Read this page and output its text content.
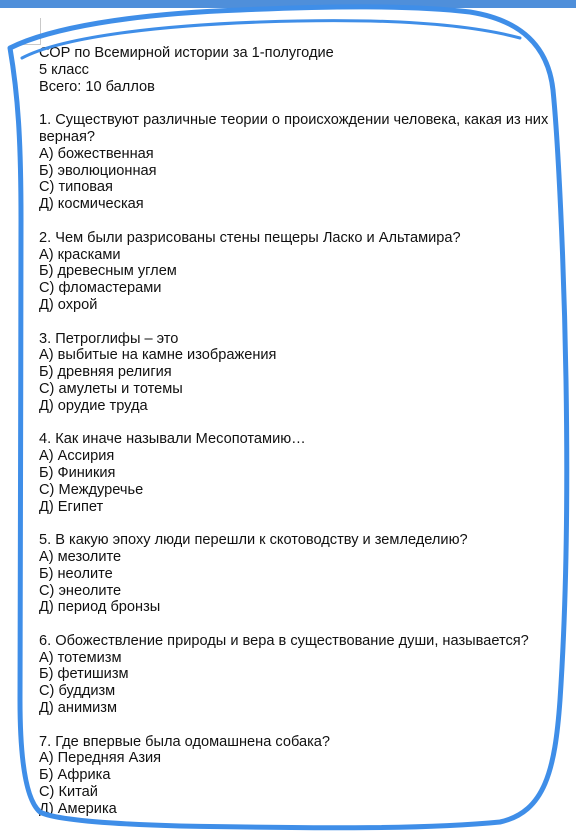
СОР по Всемирной истории за 1-полугодие
5 класс
Всего: 10 баллов
1. Существуют различные теории о происхождении человека, какая из них
верная?
А) божественная
Б) эволюционная
С) типовая
Д) космическая
2. Чем были разрисованы стены пещеры Ласко и Альтамира?
А) красками
Б) древесным углем
С) фломастерами
Д) охрой
3. Петроглифы – это
А) выбитые на камне изображения
Б) древняя религия
С) амулеты и тотемы
Д) орудие труда
4. Как иначе называли Месопотамию…
А) Ассирия
Б) Финикия
С) Междуречье
Д) Египет
5. В какую эпоху люди перешли к скотоводству и земледелию?
А) мезолите
Б) неолите
С) энеолите
Д) период бронзы
6. Обожествление природы и вера в существование души, называется?
А) тотемизм
Б) фетишизм
С) буддизм
Д) анимизм
7. Где впервые была одомашнена собака?
А) Передняя Азия
Б) Африка
С) Китай
Д) Америка
